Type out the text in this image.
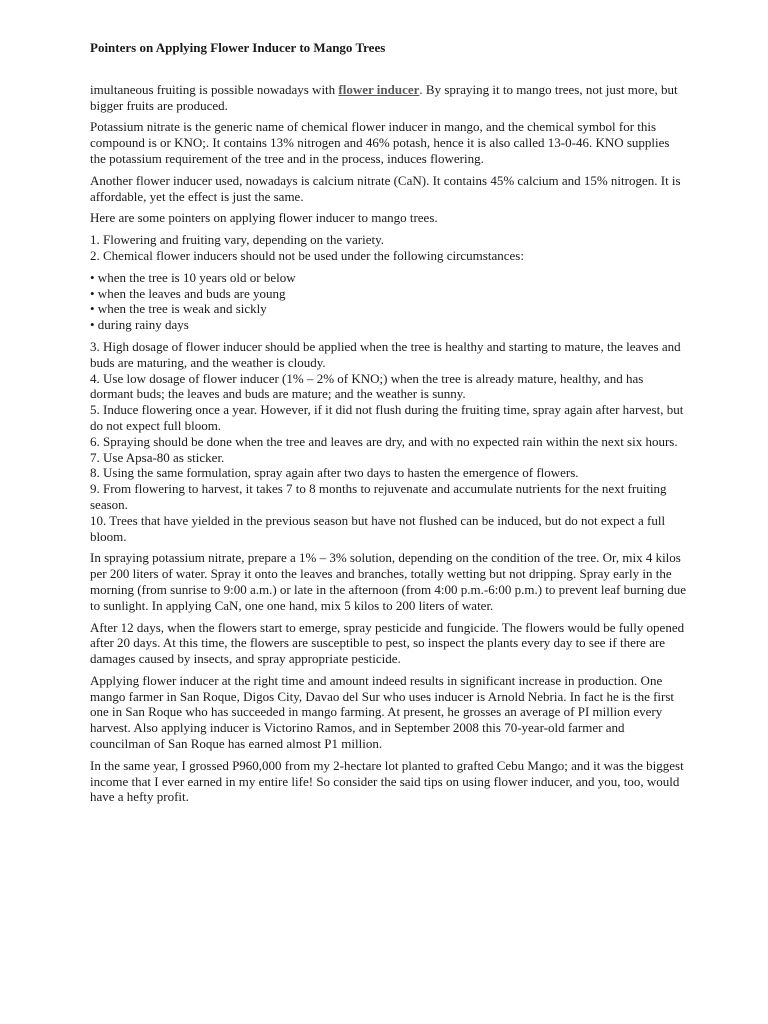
Pointers on Applying Flower Inducer to Mango Trees

imultaneous fruiting is possible nowadays with flower inducer. By spraying it to mango trees, not just more, but bigger fruits are produced.

Potassium nitrate is the generic name of chemical flower inducer in mango, and the chemical symbol for this compound is or KNO;. It contains 13% nitrogen and 46% potash, hence it is also called 13-0-46. KNO supplies the potassium requirement of the tree and in the process, induces flowering.

Another flower inducer used, nowadays is calcium nitrate (CaN). It contains 45% calcium and 15% nitrogen. It is affordable, yet the effect is just the same.

Here are some pointers on applying flower inducer to mango trees.

1. Flowering and fruiting vary, depending on the variety.
2. Chemical flower inducers should not be used under the following circumstances:
• when the tree is 10 years old or below
• when the leaves and buds are young
• when the tree is weak and sickly
• during rainy days
3. High dosage of flower inducer should be applied when the tree is healthy and starting to mature, the leaves and buds are maturing, and the weather is cloudy.
4. Use low dosage of flower inducer (1% – 2% of KNO;) when the tree is already mature, healthy, and has dormant buds; the leaves and buds are mature; and the weather is sunny.
5. Induce flowering once a year. However, if it did not flush during the fruiting time, spray again after harvest, but do not expect full bloom.
6. Spraying should be done when the tree and leaves are dry, and with no expected rain within the next six hours.
7. Use Apsa-80 as sticker.
8. Using the same formulation, spray again after two days to hasten the emergence of flowers.
9. From flowering to harvest, it takes 7 to 8 months to rejuvenate and accumulate nutrients for the next fruiting season.
10. Trees that have yielded in the previous season but have not flushed can be induced, but do not expect a full bloom.

In spraying potassium nitrate, prepare a 1% – 3% solution, depending on the condition of the tree. Or, mix 4 kilos per 200 liters of water. Spray it onto the leaves and branches, totally wetting but not dripping. Spray early in the morning (from sunrise to 9:00 a.m.) or late in the afternoon (from 4:00 p.m.-6:00 p.m.) to prevent leaf burning due to sunlight. In applying CaN, one one hand, mix 5 kilos to 200 liters of water.

After 12 days, when the flowers start to emerge, spray pesticide and fungicide. The flowers would be fully opened after 20 days. At this time, the flowers are susceptible to pest, so inspect the plants every day to see if there are damages caused by insects, and spray appropriate pesticide.

Applying flower inducer at the right time and amount indeed results in significant increase in production. One mango farmer in San Roque, Digos City, Davao del Sur who uses inducer is Arnold Nebria. In fact he is the first one in San Roque who has succeeded in mango farming. At present, he grosses an average of PI million every harvest. Also applying inducer is Victorino Ramos, and in September 2008 this 70-year-old farmer and councilman of San Roque has earned almost P1 million.

In the same year, I grossed P960,000 from my 2-hectare lot planted to grafted Cebu Mango; and it was the biggest income that I ever earned in my entire life! So consider the said tips on using flower inducer, and you, too, would have a hefty profit.
